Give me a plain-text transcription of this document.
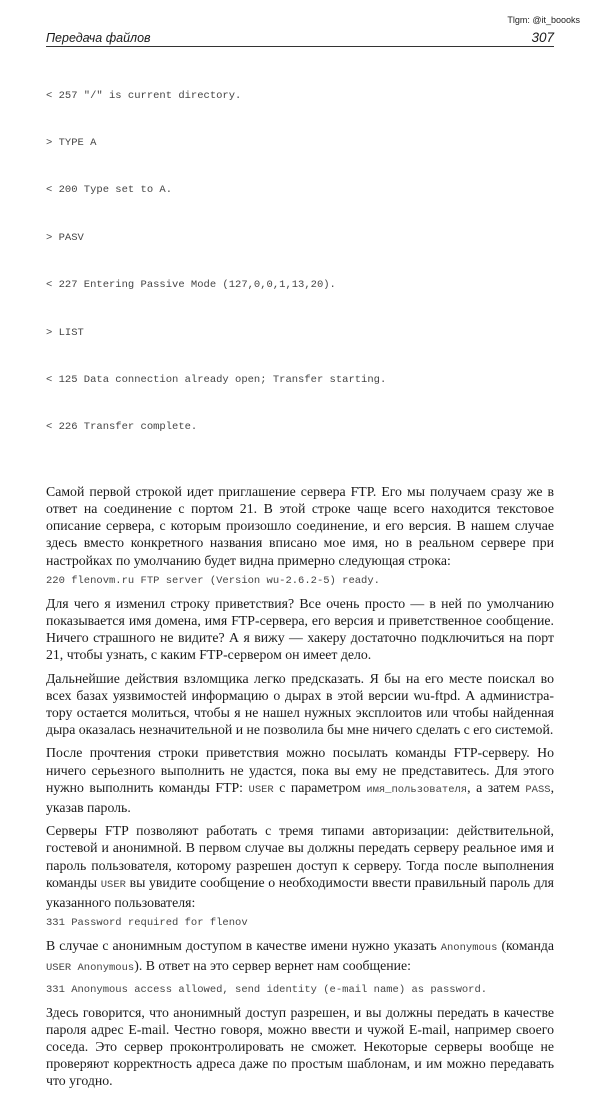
Tlgm: @it_boooks
Передача файлов	307

< 257 "/" is current directory.

> TYPE A

< 200 Type set to A.

> PASV

< 227 Entering Passive Mode (127,0,0,1,13,20).

> LIST

< 125 Data connection already open; Transfer starting.

< 226 Transfer complete.

Самой первой строкой идет приглашение сервера FTP. Его мы получаем сразу же в ответ на соединение с портом 21. В этой строке чаще всего находится текстовое описание сервера, с которым произошло соединение, и его версия. В нашем случае здесь вместо конкретного названия вписано мое имя, но в реальном сервере при настройках по умолчанию будет видна примерно следующая строка:

220 flenovm.ru FTP server (Version wu-2.6.2-5) ready.

Для чего я изменил строку приветствия? Все очень просто — в ней по умолчанию показывается имя домена, имя FTP-сервера, его версия и приветственное сообщение. Ничего страшного не видите? А я вижу — хакеру достаточно подключиться на порт 21, чтобы узнать, с каким FTP-сервером он имеет дело.

Дальнейшие действия взломщика легко предсказать. Я бы на его месте поискал во всех базах уязвимостей информацию о дырах в этой версии wu-ftpd. А администратору остается молиться, чтобы я не нашел нужных эксплоитов или чтобы найденная дыра оказалась незначительной и не позволила бы мне ничего сделать с его системой.

После прочтения строки приветствия можно посылать команды FTP-серверу. Но ничего серьезного выполнить не удастся, пока вы ему не представитесь. Для этого нужно выполнить команды FTP: USER с параметром имя_пользователя, а затем PASS, указав пароль.

Серверы FTP позволяют работать с тремя типами авторизации: действительной, гостевой и анонимной. В первом случае вы должны передать серверу реальное имя и пароль пользователя, которому разрешен доступ к серверу. Тогда после выполнения команды USER вы увидите сообщение о необходимости ввести правильный пароль для указанного пользователя:

331 Password required for flenov

В случае с анонимным доступом в качестве имени нужно указать Anonymous (команда USER Anonymous). В ответ на это сервер вернет нам сообщение:

331 Anonymous access allowed, send identity (e-mail name) as password.

Здесь говорится, что анонимный доступ разрешен, и вы должны передать в качестве пароля адрес E-mail. Честно говоря, можно ввести и чужой E-mail, например своего соседа. Это сервер проконтролировать не сможет. Некоторые серверы вообще не проверяют корректность адреса даже по простым шаблонам, и им можно передавать что угодно.
